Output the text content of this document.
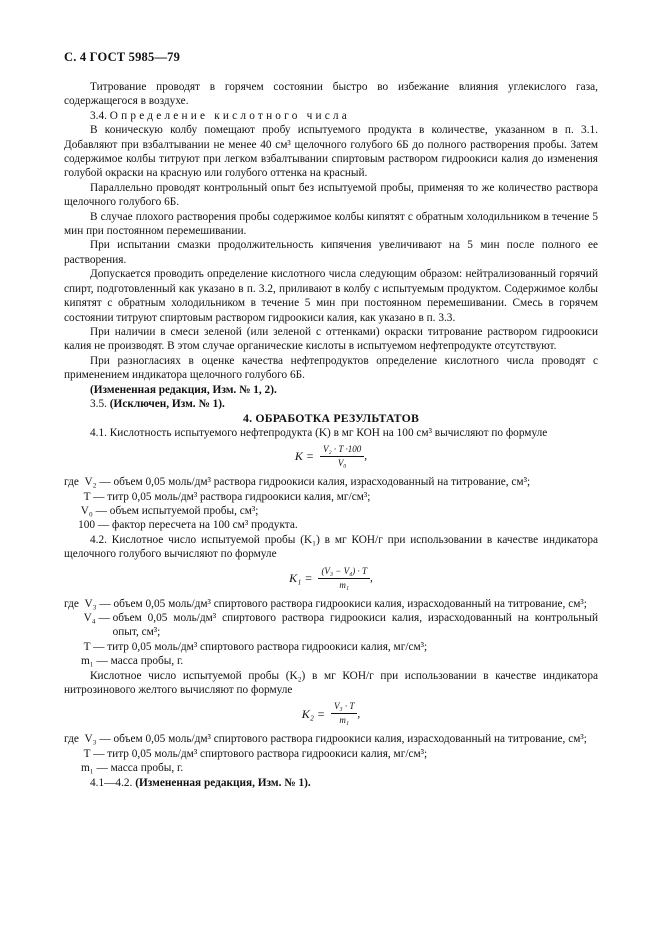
С. 4 ГОСТ 5985—79

Титрование проводят в горячем состоянии быстро во избежание влияния углекислого газа, содержащегося в воздухе.

3.4. Определение кислотного числа

В коническую колбу помещают пробу испытуемого продукта в количестве, указанном в п. 3.1. Добавляют при взбалтывании не менее 40 см³ щелочного голубого 6Б до полного растворения пробы. Затем содержимое колбы титруют при легком взбалтывании спиртовым раствором гидроокиси калия до изменения голубой окраски на красную или голубого оттенка на красный.

Параллельно проводят контрольный опыт без испытуемой пробы, применяя то же количество раствора щелочного голубого 6Б.

В случае плохого растворения пробы содержимое колбы кипятят с обратным холодильником в течение 5 мин при постоянном перемешивании.

При испытании смазки продолжительность кипячения увеличивают на 5 мин после полного ее растворения.

Допускается проводить определение кислотного числа следующим образом: нейтрализованный горячий спирт, подготовленный как указано в п. 3.2, приливают в колбу с испытуемым продуктом. Содержимое колбы кипятят с обратным холодильником в течение 5 мин при постоянном перемешивании. Смесь в горячем состоянии титруют спиртовым раствором гидроокиси калия, как указано в п. 3.3.

При наличии в смеси зеленой (или зеленой с оттенками) окраски титрование раствором гидроокиси калия не производят. В этом случае органические кислоты в испытуемом нефтепродукте отсутствуют.

При разногласиях в оценке качества нефтепродуктов определение кислотного числа проводят с применением индикатора щелочного голубого 6Б.

(Измененная редакция, Изм. № 1, 2).

3.5. (Исключен, Изм. № 1).

4. ОБРАБОТКА РЕЗУЛЬТАТОВ

4.1. Кислотность испытуемого нефтепродукта (K) в мг КОН на 100 см³ вычисляют по формуле

$K = \frac{\text{V₂ · T ·100}}{\text{V₀}}$ ,
где  V₂ — объем 0,05 моль/дм³ раствора гидроокиси калия, израсходованный на титрование, см³;
T — титр 0,05 моль/дм³ раствора гидроокиси калия, мг/см³;
V₀ — объем испытуемой пробы, см³;
100 — фактор пересчета на 100 см³ продукта.

4.2. Кислотное число испытуемой пробы (K₁) в мг КОН/г при использовании в качестве индикатора щелочного голубого вычисляют по формуле

$K_1 = \frac{\text{(V₃ − V₄) · T}}{\text{m₁}}$ ,
где  V₃ — объем 0,05 моль/дм³ спиртового раствора гидроокиси калия, израсходованный на титрование, см³;
V₄ — объем 0,05 моль/дм³ спиртового раствора гидроокиси калия, израсходованный на контрольный опыт, см³;
T — титр 0,05 моль/дм³ спиртового раствора гидроокиси калия, мг/см³;
m₁ — масса пробы, г.

Кислотное число испытуемой пробы (K₂) в мг КОН/г при использовании в качестве индикатора нитрозинового желтого вычисляют по формуле

$K_2 = \frac{\text{V₃ · T}}{\text{m₁}}$ ,
где  V₃ — объем 0,05 моль/дм³ спиртового раствора гидроокиси калия, израсходованный на титрование, см³;
T — титр 0,05 моль/дм³ спиртового раствора гидроокиси калия, мг/см³;
m₁ — масса пробы, г.

4.1—4.2. (Измененная редакция, Изм. № 1).
